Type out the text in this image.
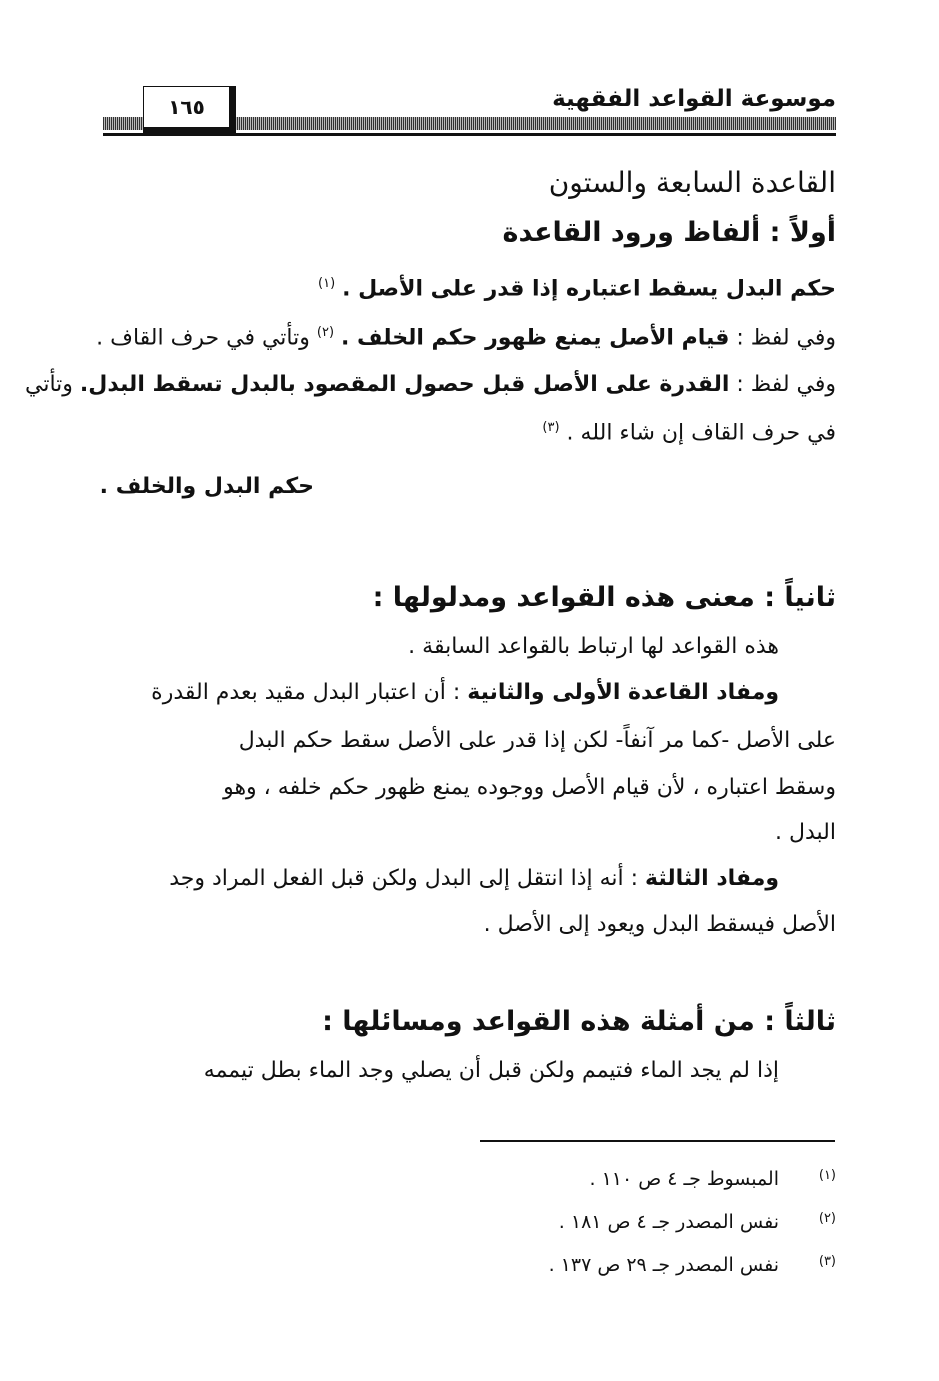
موسوعة القواعد الفقهية
١٦٥
القاعدة السابعة والستون
أولاً : ألفاظ ورود القاعدة
حكم البدل يسقط اعتباره إذا قدر على الأصل . $^{(١)}$
وفي لفظ : قيام الأصل يمنع ظهور حكم الخلف . $^{(٢)}$ وتأتي في حرف القاف .
وفي لفظ : القدرة على الأصل قبل حصول المقصود بالبدل تسقط البدل. وتأتي
في حرف القاف إن شاء الله . $^{(٣)}$
حكم البدل والخلف .
ثانياً : معنى هذه القواعد ومدلولها :
هذه القواعد لها ارتباط بالقواعد السابقة .
ومفاد القاعدة الأولى والثانية : أن اعتبار البدل مقيد بعدم القدرة
على الأصل -كما مر آنفاً- لكن إذا قدر على الأصل سقط حكم البدل
وسقط اعتباره ، لأن قيام الأصل ووجوده يمنع ظهور حكم خلفه ، وهو
البدل .
ومفاد الثالثة : أنه إذا انتقل إلى البدل ولكن قبل الفعل المراد وجد
الأصل فيسقط البدل ويعود إلى الأصل .
ثالثاً : من أمثلة هذه القواعد ومسائلها :
إذا لم يجد الماء فتيمم ولكن قبل أن يصلي وجد الماء بطل تيممه
(١)
المبسوط جـ ٤ ص ١١٠ .
(٢)
نفس المصدر جـ ٤ ص ١٨١ .
(٣)
نفس المصدر جـ ٢٩ ص ١٣٧ .
